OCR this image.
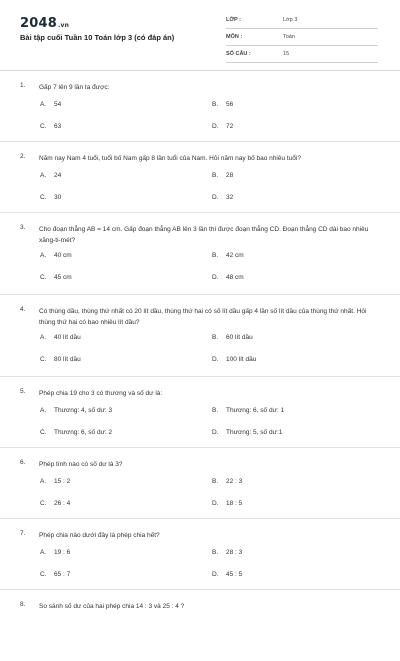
2048.vn
Bài tập cuối Tuần 10 Toán lớp 3 (có đáp án)
LỚP :	Lớp 3
MÔN :	Toán
SỐ CÂU :	15
1. Gấp 7 lên 9 lần ta được:
A. 54	B. 56
C. 63	D. 72
2. Năm nay Nam 4 tuổi, tuổi bố Nam gấp 8 lần tuổi của Nam. Hỏi năm nay bố bao nhiêu tuổi?
A. 24	B. 28
C. 30	D. 32
3. Cho đoạn thẳng AB = 14 cm. Gấp đoạn thẳng AB lên 3 lần thì được đoạn thẳng CD. Đoạn thẳng CD dài bao nhiêu xăng-ti-mét?
A. 40 cm	B. 42 cm
C. 45 cm	D. 48 cm
4. Có thùng dầu, thùng thứ nhất có 20 lít dầu, thùng thứ hai có số lít dầu gấp 4 lần số lít dầu của thùng thứ nhất. Hỏi thùng thứ hai có bao nhiêu lít dầu?
A. 40 lít dầu	B. 60 lít dầu
C. 80 lít dầu	D. 100 lít dầu
5. Phép chia 19 cho 3 có thương và số dư là:
A. Thương: 4, số dư: 3	B. Thương: 6, số dư: 1
C. Thương: 6, số dư: 2	D. Thương: 5, số dư:1
6. Phép tính nào có số dư là 3?
A. 15 : 2	B. 22 : 3
C. 26 : 4	D. 18 : 5
7. Phép chia nào dưới đây là phép chia hết?
A. 19 : 6	B. 28 : 3
C. 65 : 7	D. 45 : 5
8. So sánh số dư của hai phép chia 14 : 3 và 25 : 4 ?
